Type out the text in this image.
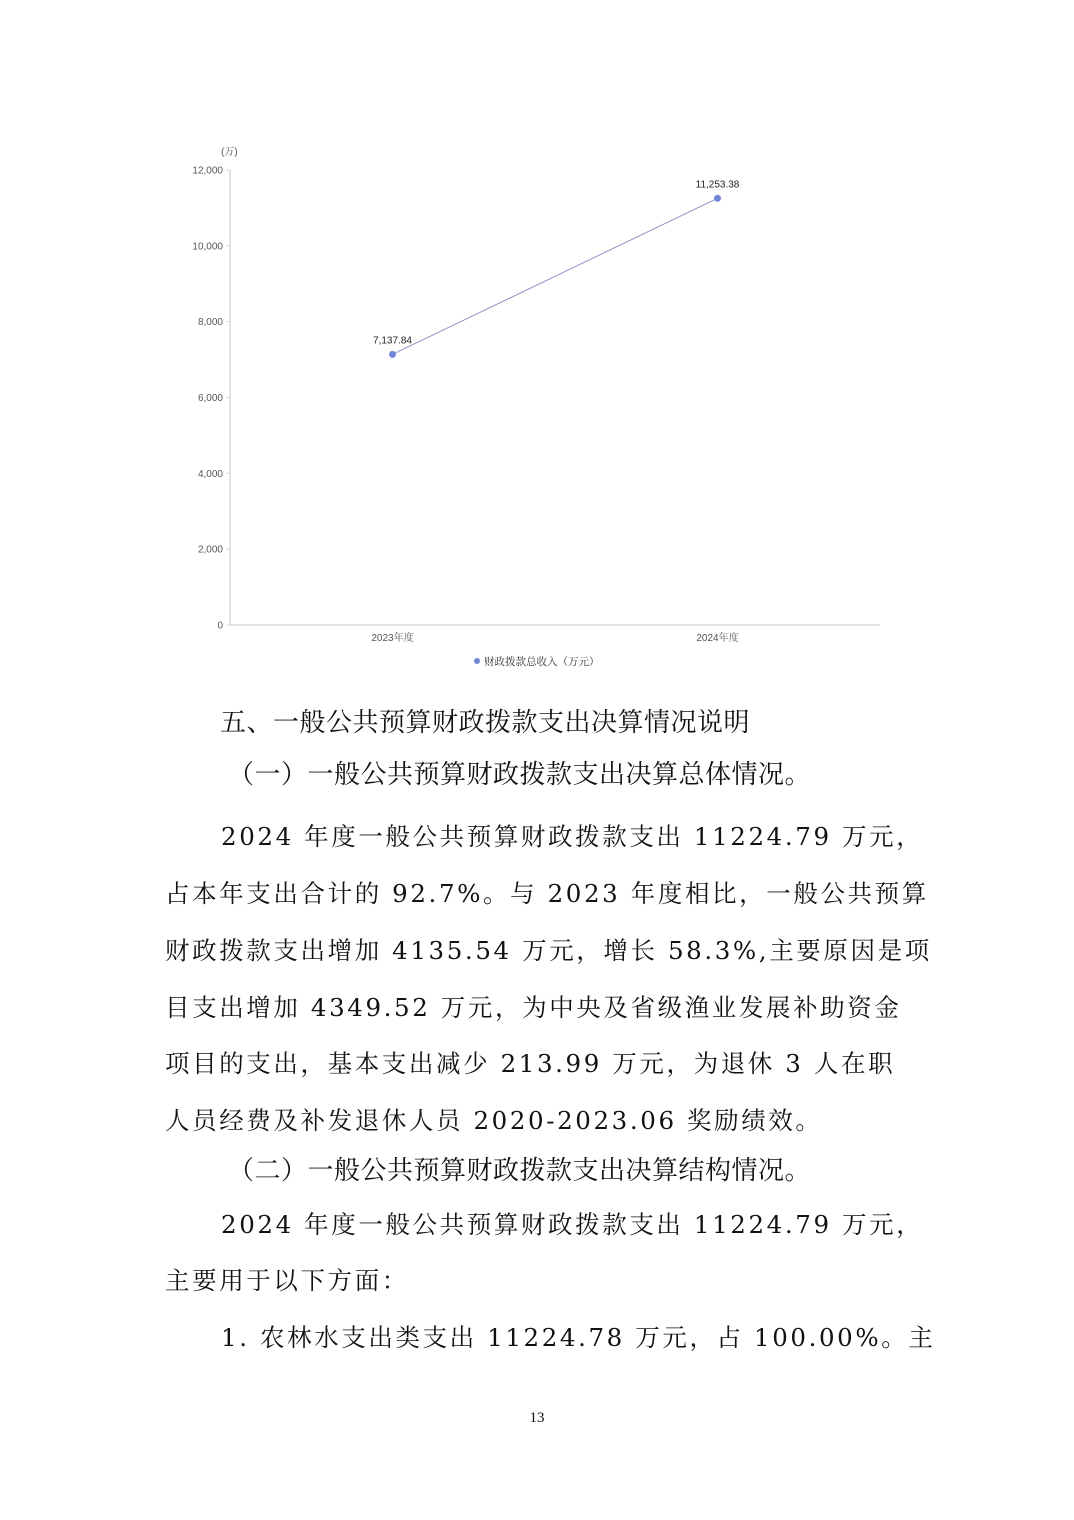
(万)
0
2,000
4,000
6,000
8,000
10,000
12,000
2023年度	2024年度
7,137.84
11,253.38
财政拨款总收入（万元）
五、一般公共预算财政拨款支出决算情况说明
（一）一般公共预算财政拨款支出决算总体情况。
2024 年度一般公共预算财政拨款支出 11224.79 万元，
占本年支出合计的 92.7%。与 2023 年度相比，一般公共预算
财政拨款支出增加 4135.54 万元，增长 58.3%,主要原因是项
目支出增加 4349.52 万元，为中央及省级渔业发展补助资金
项目的支出，基本支出减少 213.99 万元，为退休 3 人在职
人员经费及补发退休人员 2020-2023.06 奖励绩效。
（二）一般公共预算财政拨款支出决算结构情况。
2024 年度一般公共预算财政拨款支出 11224.79 万元，
主要用于以下方面：
1. 农林水支出类支出 11224.78 万元，占 100.00%。主
13
